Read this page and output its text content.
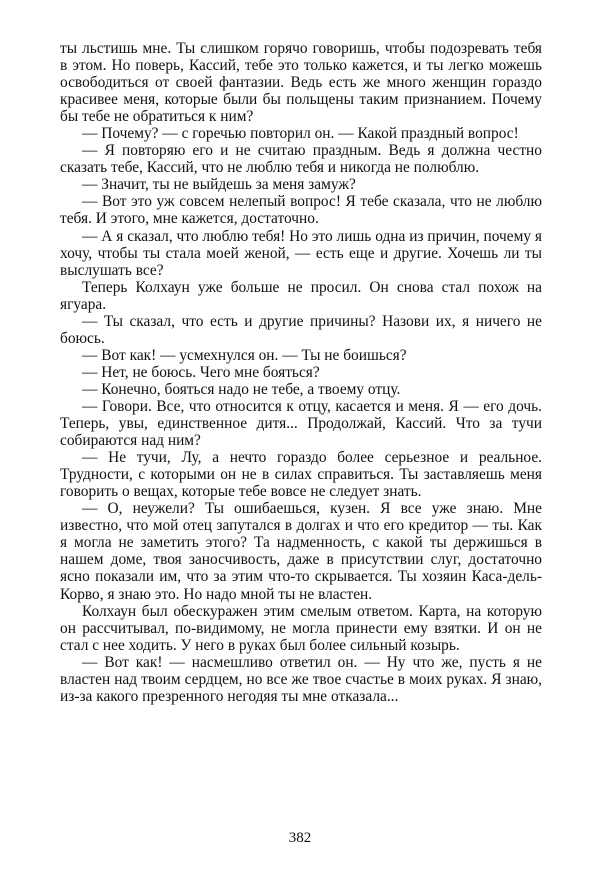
ты льстишь мне. Ты слишком горячо говоришь, чтобы подозревать тебя в этом. Но поверь, Кассий, тебе это только кажется, и ты легко можешь освободиться от своей фантазии. Ведь есть же много женщин гораздо красивее меня, которые были бы польщены таким признанием. Почему бы тебе не обратиться к ним?

— Почему? — с горечью повторил он. — Какой праздный вопрос!

— Я повторяю его и не считаю праздным. Ведь я должна честно сказать тебе, Кассий, что не люблю тебя и никогда не полюблю.

— Значит, ты не выйдешь за меня замуж?

— Вот это уж совсем нелепый вопрос! Я тебе сказала, что не люблю тебя. И этого, мне кажется, достаточно.

— А я сказал, что люблю тебя! Но это лишь одна из причин, почему я хочу, чтобы ты стала моей женой, — есть еще и другие. Хочешь ли ты выслушать все?

Теперь Колхаун уже больше не просил. Он снова стал похож на ягуара.

— Ты сказал, что есть и другие причины? Назови их, я ничего не боюсь.

— Вот как! — усмехнулся он. — Ты не боишься?

— Нет, не боюсь. Чего мне бояться?

— Конечно, бояться надо не тебе, а твоему отцу.

— Говори. Все, что относится к отцу, касается и меня. Я — его дочь. Теперь, увы, единственное дитя... Продолжай, Кассий. Что за тучи собираются над ним?

— Не тучи, Лу, а нечто гораздо более серьезное и реальное. Трудности, с которыми он не в силах справиться. Ты заставляешь меня говорить о вещах, которые тебе вовсе не следует знать.

— О, неужели? Ты ошибаешься, кузен. Я все уже знаю. Мне известно, что мой отец запутался в долгах и что его кредитор — ты. Как я могла не заметить этого? Та надменность, с какой ты держишься в нашем доме, твоя заносчивость, даже в присутствии слуг, достаточно ясно показали им, что за этим что-то скрывается. Ты хозяин Каса-дель-Корво, я знаю это. Но надо мной ты не властен.

Колхаун был обескуражен этим смелым ответом. Карта, на которую он рассчитывал, по-видимому, не могла принести ему взятки. И он не стал с нее ходить. У него в руках был более сильный козырь.

— Вот как! — насмешливо ответил он. — Ну что же, пусть я не властен над твоим сердцем, но все же твое счастье в моих руках. Я знаю, из-за какого презренного негодяя ты мне отказала...

382
